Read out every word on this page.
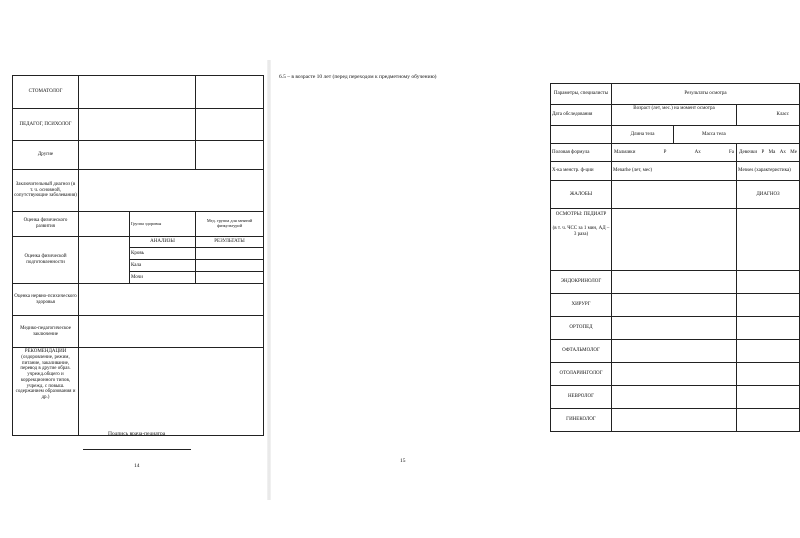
СТОМАТОЛОГ			
ПЕДАГОГ, ПСИХОЛОГ			
Другие			
Заключительный диагноз (в т. ч. основной, сопутствующие заболевания)			
Оценка физического развития		Группа здоровья	Мед. группа для занятий физкультурой
Оценка физической подготовленности		АНАЛИЗЫ	РЕЗУЛЬТАТЫ
		Кровь	
		Кала	
		Мочи	
Оценка нервно-психического здоровья			
Медико-педагогическое заключение			
РЕКОМЕНДАЦИИ (оздоровление, режим, питание, закаливание, перевод в другие образ. учрежд.общего и коррекционного типов, учрежд. с повыш. содержанием образования и др.)			
Подпись врача-педиатра
14
6.5 – в возрасте 10 лет (перед переходом к предметному обучению)
Параметры, специалисты	Результаты осмотра		
Дата обследования	Возраст (лет, мес.) на момент осмотра		Класс
	Длина тела	Масса тела	
Половая формула	Мальчики P Ax Fa		Девочки P Ma Ax Me

Х-ка менстр. ф-ции	Menarhe (лет, мес)		Menses (характеристика)
ЖАЛОБЫ			ДИАГНОЗ

ОСМОТРЫ: ПЕДИАТР
(в т. ч. ЧСС за 1 мин, АД – 3 раза)			

ЭНДОКРИНОЛОГ			
ХИРУРГ			
ОРТОПЕД			
ОФТАЛЬМОЛОГ			
ОТОЛАРИНГОЛОГ			
НЕВРОЛОГ			
ГИНЕКОЛОГ			
15
